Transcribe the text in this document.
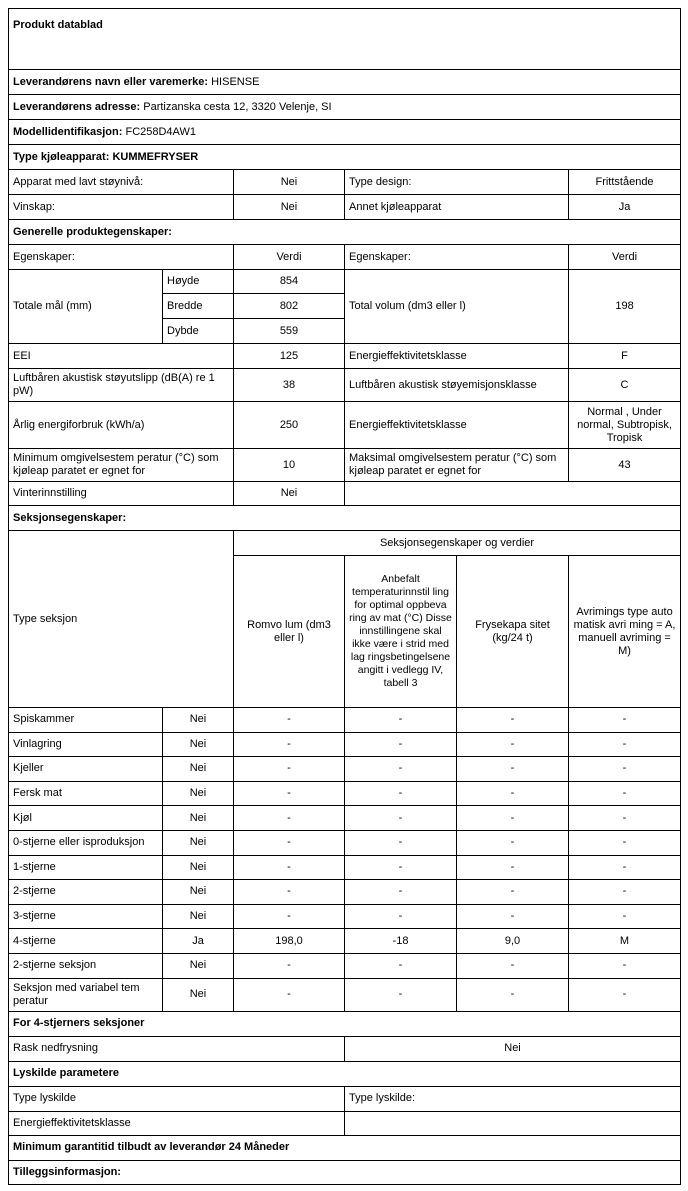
Produkt datablad					
Leverandørens navn eller varemerke: HISENSE					
Leverandørens adresse: Partizanska cesta 12, 3320 Velenje, SI					
Modellidentifikasjon: FC258D4AW1					
Type kjøleapparat: KUMMEFRYSER					
Apparat med lavt støynivå:		Nei	Type design:		Frittstående
Vinskap:		Nei	Annet kjøleapparat		Ja
Generelle produktegenskaper:					
Egenskaper:		Verdi	Egenskaper:		Verdi
Totale mål (mm)	Høyde	854	Total volum (dm3 eller l)		198
	Bredde	802			
	Dybde	559			
EEI		125	Energieffektivitetsklasse		F
Luftbåren akustisk støyutslipp (dB(A) re 1 pW)		38	Luftbåren akustisk støyemisjonsklasse		C
Årlig energiforbruk (kWh/a)		250	Energieffektivitetsklasse		Normal , Under normal, Subtropisk, Tropisk
Minimum omgivelsestem peratur (°C) som kjøleap paratet er egnet for		10	Maksimal omgivelsestem peratur (°C) som kjøleap paratet er egnet for		43
Vinterinnstilling		Nei			
Seksjonsegenskaper:					
Type seksjon		Seksjonsegenskaper og verdier			
		Romvo lum (dm3 eller l)	Anbefalt temperaturinnstil ling for optimal oppbeva ring av mat (°C) Disse innstillingene skal ikke være i strid med lag ringsbetingelsene angitt i vedlegg IV, tabell 3	Frysekapa sitet (kg/24 t)	Avrimings type auto matisk avri ming = A, manuell avriming = M)
Spiskammer	Nei	-	-	-	-
Vinlagring	Nei	-	-	-	-
Kjeller	Nei	-	-	-	-
Fersk mat	Nei	-	-	-	-
Kjøl	Nei	-	-	-	-
0-stjerne eller isproduksjon	Nei	-	-	-	-
1-stjerne	Nei	-	-	-	-
2-stjerne	Nei	-	-	-	-
3-stjerne	Nei	-	-	-	-
4-stjerne	Ja	198,0	-18	9,0	M
2-stjerne seksjon	Nei	-	-	-	-
Seksjon med variabel tem peratur	Nei	-	-	-	-
For 4-stjerners seksjoner					
Rask nedfrysning			Nei		
Lyskilde parametere					
Type lyskilde			Type lyskilde:		
Energieffektivitetsklasse					
Minimum garantitid tilbudt av leverandør 24 Måneder					
Tilleggsinformasjon:					
